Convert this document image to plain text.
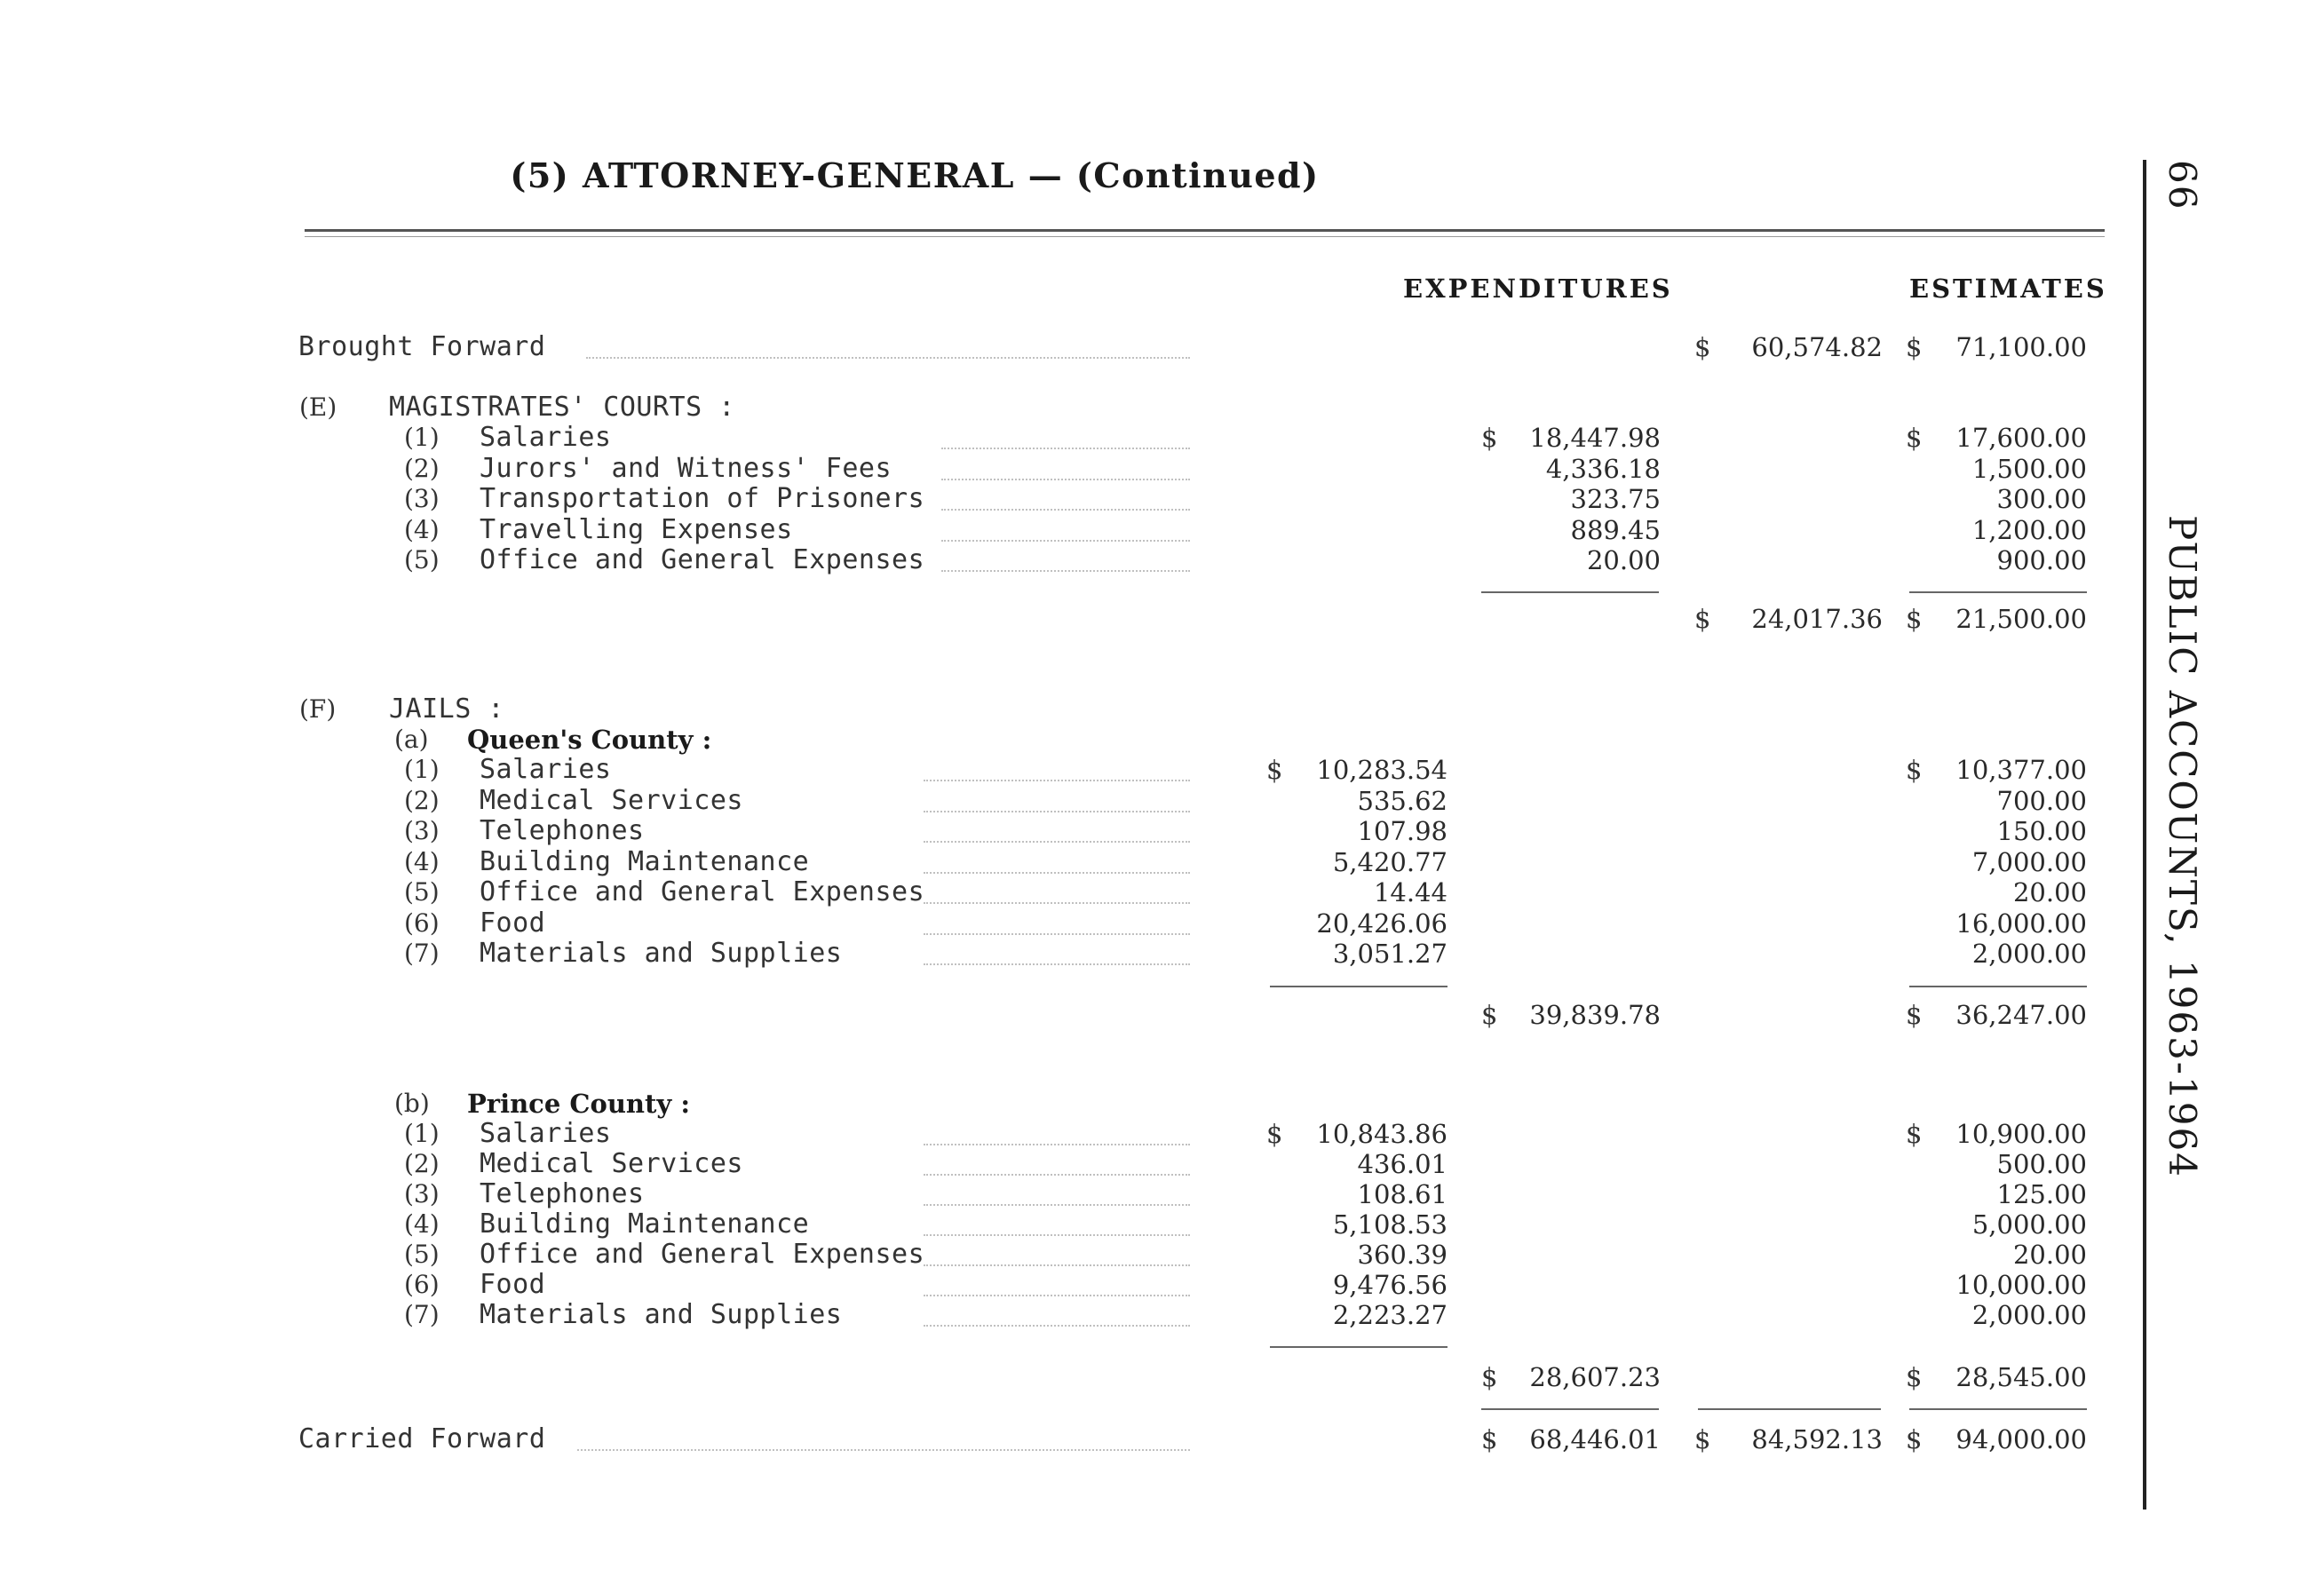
(5) ATTORNEY-GENERAL — (Continued)
EXPENDITURES	ESTIMATES
Brought Forward	$	60,574.82 $	71,100.00
(E) MAGISTRATES' COURTS :
(1) Salaries	$	18,447.98	$	17,600.00
(2) Jurors' and Witness' Fees	4,336.18	1,500.00
(3) Transportation of Prisoners	323.75	300.00
(4) Travelling Expenses	889.45	1,200.00
(5) Office and General Expenses	20.00	900.00
$	24,017.36 $	21,500.00
(F) JAILS :
(a) Queen's County :
(1) Salaries	$	10,283.54	$	10,377.00
(2) Medical Services	535.62	700.00
(3) Telephones	107.98	150.00
(4) Building Maintenance	5,420.77	7,000.00
(5) Office and General Expenses	14.44	20.00
(6) Food	20,426.06	16,000.00
(7) Materials and Supplies	3,051.27	2,000.00
$	39,839.78	$	36,247.00
(b) Prince County :
(1) Salaries	$	10,843.86	$	10,900.00
(2) Medical Services	436.01	500.00
(3) Telephones	108.61	125.00
(4) Building Maintenance	5,108.53	5,000.00
(5) Office and General Expenses	360.39	20.00
(6) Food	9,476.56	10,000.00
(7) Materials and Supplies	2,223.27	2,000.00
$	28,607.23	$	28,545.00
Carried Forward	$	68,446.01 $	84,592.13 $	94,000.00
66
PUBLIC ACCOUNTS, 1963-1964
